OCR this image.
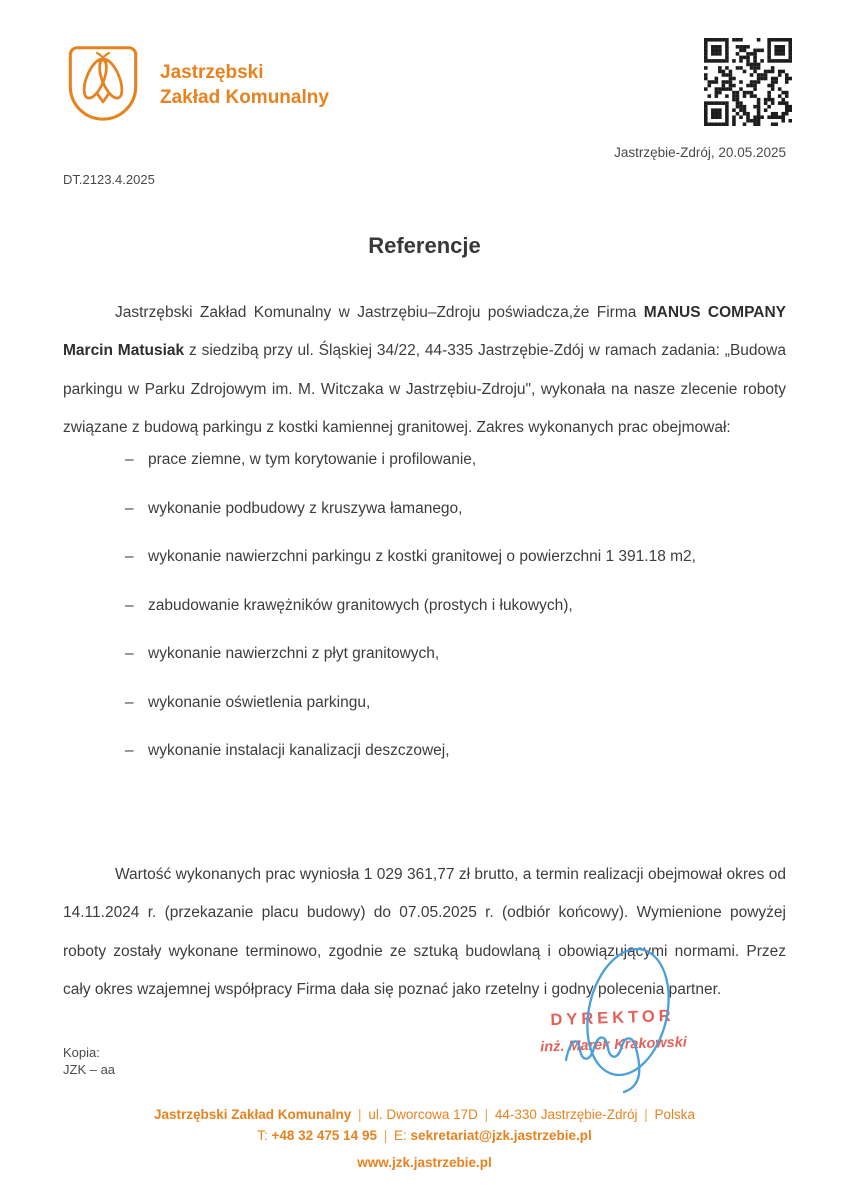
Jastrzębski
Zakład Komunalny
Jastrzębie-Zdrój, 20.05.2025
DT.2123.4.2025
Referencje

Jastrzębski Zakład Komunalny w Jastrzębiu–Zdroju poświadcza,że Firma MANUS COMPANY Marcin Matusiak z siedzibą przy ul. Śląskiej 34/22, 44-335 Jastrzębie-Zdój w ramach zadania: „Budowa parkingu w Parku Zdrojowym im. M. Witczaka w Jastrzębiu-Zdroju", wykonała na nasze zlecenie roboty związane z budową parkingu z kostki kamiennej granitowej. Zakres wykonanych prac obejmował:

– prace ziemne, w tym korytowanie i profilowanie,
– wykonanie podbudowy z kruszywa łamanego,
– wykonanie nawierzchni parkingu z kostki granitowej o powierzchni 1 391.18 m2,
– zabudowanie krawężników granitowych (prostych i łukowych),
– wykonanie nawierzchni z płyt granitowych,
– wykonanie oświetlenia parkingu,
– wykonanie instalacji kanalizacji deszczowej,

Wartość wykonanych prac wyniosła 1 029 361,77 zł brutto, a termin realizacji obejmował okres od 14.11.2024 r. (przekazanie placu budowy) do 07.05.2025 r. (odbiór końcowy). Wymienione powyżej roboty zostały wykonane terminowo, zgodnie ze sztuką budowlaną i obowiązującymi normami. Przez cały okres wzajemnej współpracy Firma dała się poznać jako rzetelny i godny polecenia partner.

DYREKTOR
inż. Marek Krakowski
Kopia:
JZK – aa
Jastrzębski Zakład Komunalny | ul. Dworcowa 17D | 44-330 Jastrzębie-Zdrój | Polska
T: +48 32 475 14 95 | E: sekretariat@jzk.jastrzebie.pl
www.jzk.jastrzebie.pl
